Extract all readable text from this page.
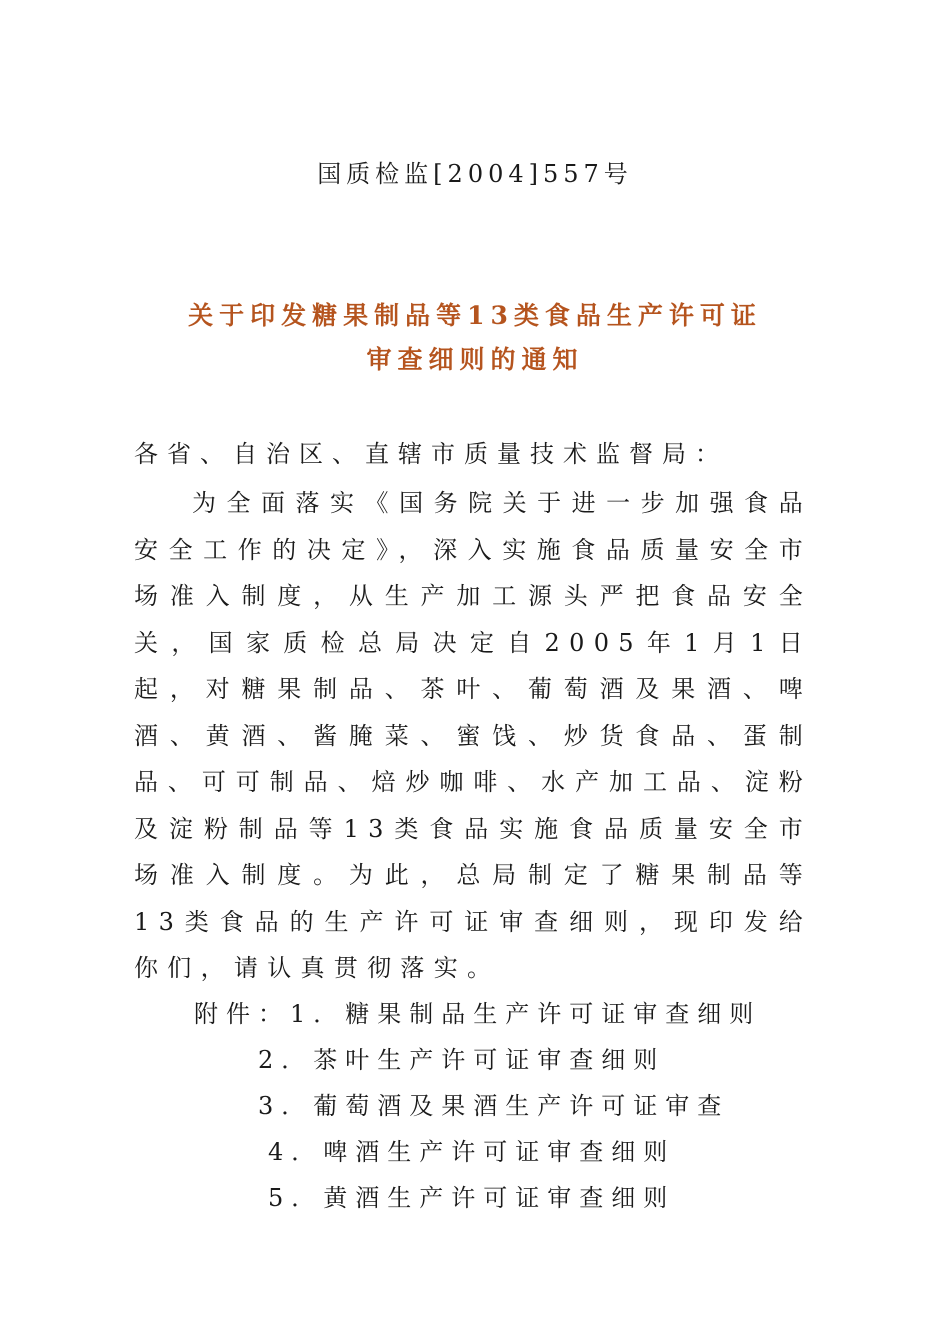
国质检监[2004]557号
关于印发糖果制品等13类食品生产许可证
审查细则的通知
各省、自治区、直辖市质量技术监督局：

为全面落实《国务院关于进一步加强食品安全工作的决定》，深入实施食品质量安全市场准入制度，从生产加工源头严把食品安全关，国家质检总局决定自2005年1月1日起，对糖果制品、茶叶、葡萄酒及果酒、啤酒、黄酒、酱腌菜、蜜饯、炒货食品、蛋制品、可可制品、焙炒咖啡、水产加工品、淀粉及淀粉制品等13类食品实施食品质量安全市场准入制度。为此，总局制定了糖果制品等13类食品的生产许可证审查细则，现印发给你们，请认真贯彻落实。

附件：1．糖果制品生产许可证审查细则
2．茶叶生产许可证审查细则
3．葡萄酒及果酒生产许可证审查
4．啤酒生产许可证审查细则
5．黄酒生产许可证审查细则
